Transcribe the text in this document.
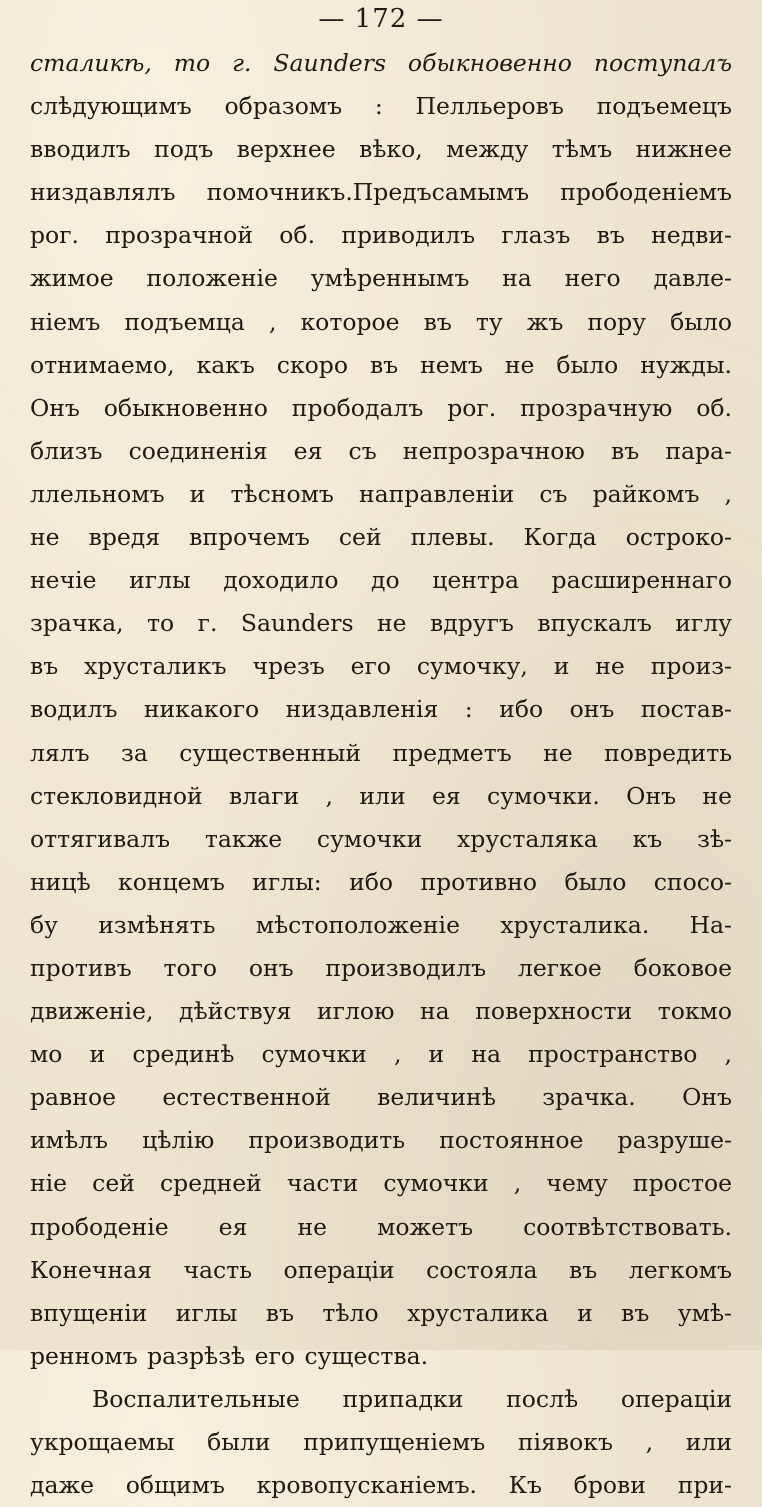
— 172 —
сталикѣ, то г. Saunders обыкновенно поступалъ
слѣдующимъ образомъ : Пелльеровъ подъемецъ
вводилъ подъ верхнее вѣко, между тѣмъ нижнее
низдавлялъ помочникъ.Предъсамымъ прободенiемъ
рог. прозрачной об. приводилъ глазъ въ недви-
жимое положенiе умѣреннымъ на него давле-
нiемъ подъемца , которое въ ту жъ пору было
отнимаемо, какъ скоро въ немъ не было нужды.
Онъ обыкновенно прободалъ рог. прозрачную об.
близъ соединенiя ея съ непрозрачною въ пара-
ллельномъ и тѣсномъ направленiи съ райкомъ ,
не вредя впрочемъ сей плевы. Когда остроко-
нечiе иглы доходило до центра расширеннаго
зрачка, то г. Saunders не вдругъ впускалъ иглу
въ хрусталикъ чрезъ его сумочку, и не произ-
водилъ никакого низдавленiя : ибо онъ постав-
лялъ за существенный предметъ не повредить
стекловидной влаги , или ея сумочки. Онъ не
оттягивалъ также сумочки хрусталяка къ зѣ-
ницѣ концемъ иглы: ибо противно было спосо-
бу измѣнять мѣстоположенiе хрусталика. На-
противъ того онъ производилъ легкое боковое
движенiе, дѣйствуя иглою на поверхности токмо
мо и срединѣ сумочки , и на пространство ,
равное естественной величинѣ зрачка. Онъ
имѣлъ цѣлiю производить постоянное разруше-
нiе сей средней части сумочки , чему простое
прободенiе ея не можетъ соотвѣтствовать.
Конечная часть операцiи состояла въ легкомъ
впущенiи иглы въ тѣло хрусталика и въ умѣ-
ренномъ разрѣзѣ его существа.
Воспалительные припадки послѣ операцiи
укрощаемы были припущенiемъ пiявокъ , или
даже общимъ кровопусканiемъ. Къ брови при-
